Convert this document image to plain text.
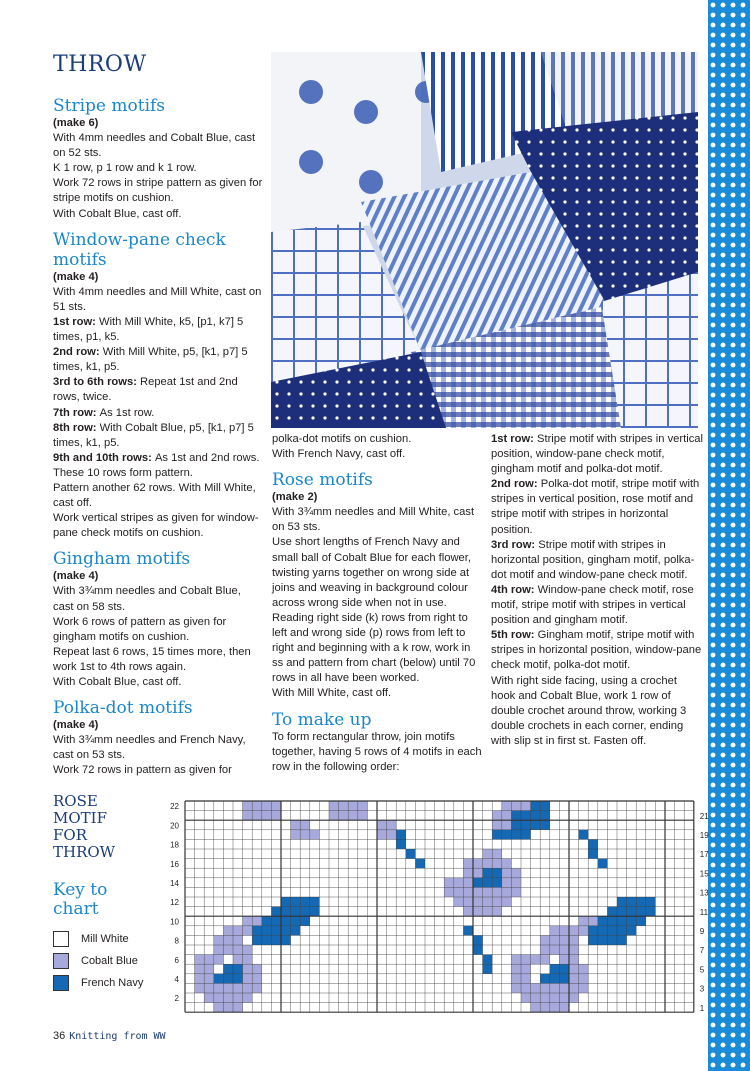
THROW

Stripe motifs

(make 6)

With 4mm needles and Cobalt Blue, cast on 52 sts.

K 1 row, p 1 row and k 1 row.

Work 72 rows in stripe pattern as given for stripe motifs on cushion.

With Cobalt Blue, cast off.

Window-pane check motifs

(make 4)

With 4mm needles and Mill White, cast on 51 sts.

1st row: With Mill White, k5, [p1, k7] 5 times, p1, k5.

2nd row: With Mill White, p5, [k1, p7] 5 times, k1, p5.

3rd to 6th rows: Repeat 1st and 2nd rows, twice.

7th row: As 1st row.

8th row: With Cobalt Blue, p5, [k1, p7] 5 times, k1, p5.

9th and 10th rows: As 1st and 2nd rows.

These 10 rows form pattern.

Pattern another 62 rows. With Mill White, cast off.

Work vertical stripes as given for window-pane check motifs on cushion.

Gingham motifs

(make 4)

With 3¾mm needles and Cobalt Blue, cast on 58 sts.

Work 6 rows of pattern as given for gingham motifs on cushion.

Repeat last 6 rows, 15 times more, then work 1st to 4th rows again.

With Cobalt Blue, cast off.

Polka-dot motifs

(make 4)

With 3¾mm needles and French Navy, cast on 53 sts.

Work 72 rows in pattern as given for

polka-dot motifs on cushion.

With French Navy, cast off.

Rose motifs

(make 2)

With 3¾mm needles and Mill White, cast on 53 sts.

Use short lengths of French Navy and small ball of Cobalt Blue for each flower, twisting yarns together on wrong side at joins and weaving in background colour across wrong side when not in use.

Reading right side (k) rows from right to left and wrong side (p) rows from left to right and beginning with a k row, work in ss and pattern from chart (below) until 70 rows in all have been worked.

With Mill White, cast off.

To make up

To form rectangular throw, join motifs together, having 5 rows of 4 motifs in each row in the following order:

1st row: Stripe motif with stripes in vertical position, window-pane check motif, gingham motif and polka-dot motif.

2nd row: Polka-dot motif, stripe motif with stripes in vertical position, rose motif and stripe motif with stripes in horizontal position.

3rd row: Stripe motif with stripes in horizontal position, gingham motif, polka-dot motif and window-pane check motif.

4th row: Window-pane check motif, rose motif, stripe motif with stripes in vertical position and gingham motif.

5th row: Gingham motif, stripe motif with stripes in horizontal position, window-pane check motif, polka-dot motif.

With right side facing, using a crochet hook and Cobalt Blue, work 1 row of double crochet around throw, working 3 double crochets in each corner, ending with slip st in first st. Fasten off.

ROSE
MOTIF
FOR
THROW
Key to
chart
Mill White
Cobalt Blue
French Navy
22
20
18
16
14
12
10
8
6
4
2
21
19
17
15
13
11
9
7
5
3
1
36 Knitting from WW
